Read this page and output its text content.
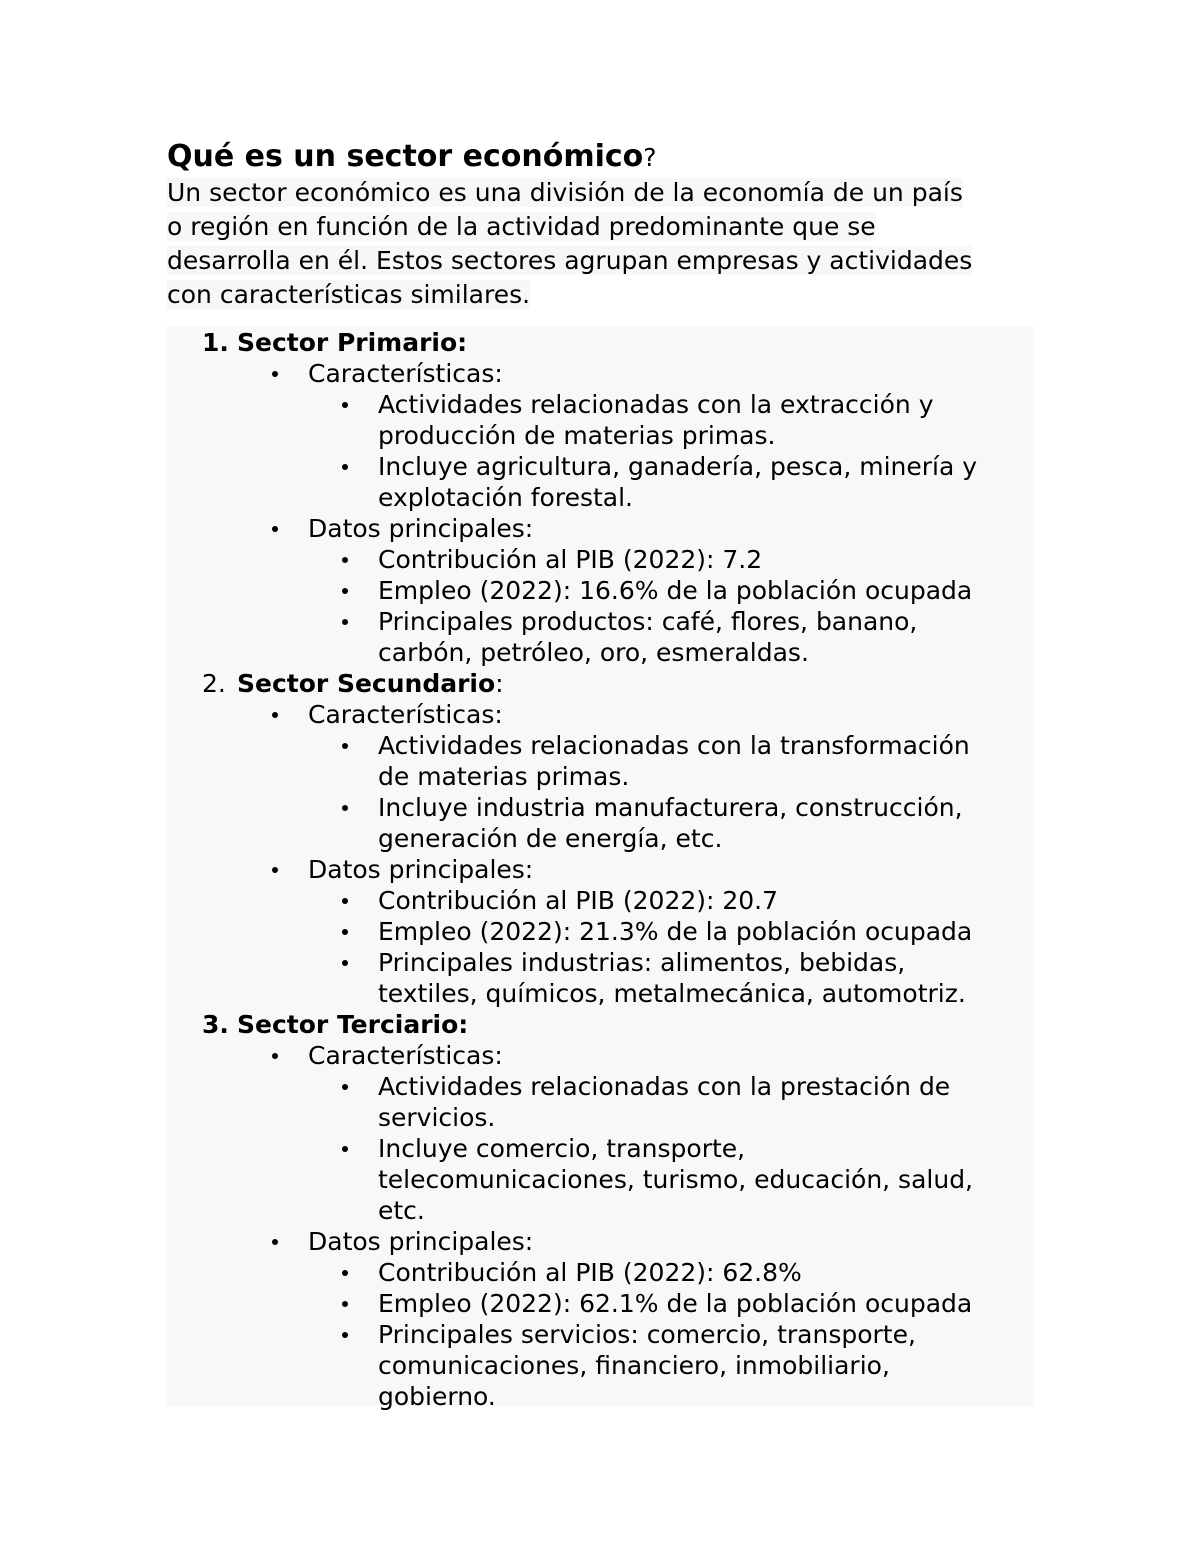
Qué es un sector económico?
Un sector económico es una división de la economía de un país
o región en función de la actividad predominante que se
desarrolla en él. Estos sectores agrupan empresas y actividades
con características similares.
1. Sector Primario:
Características:
Actividades relacionadas con la extracción y
producción de materias primas.
Incluye agricultura, ganadería, pesca, minería y
explotación forestal.
Datos principales:
Contribución al PIB (2022): 7.2
Empleo (2022): 16.6% de la población ocupada
Principales productos: café, flores, banano,
carbón, petróleo, oro, esmeraldas.
2. Sector Secundario:
Características:
Actividades relacionadas con la transformación
de materias primas.
Incluye industria manufacturera, construcción,
generación de energía, etc.
Datos principales:
Contribución al PIB (2022): 20.7
Empleo (2022): 21.3% de la población ocupada
Principales industrias: alimentos, bebidas,
textiles, químicos, metalmecánica, automotriz.
3. Sector Terciario:
Características:
Actividades relacionadas con la prestación de
servicios.
Incluye comercio, transporte,
telecomunicaciones, turismo, educación, salud,
etc.
Datos principales:
Contribución al PIB (2022): 62.8%
Empleo (2022): 62.1% de la población ocupada
Principales servicios: comercio, transporte,
comunicaciones, financiero, inmobiliario,
gobierno.
